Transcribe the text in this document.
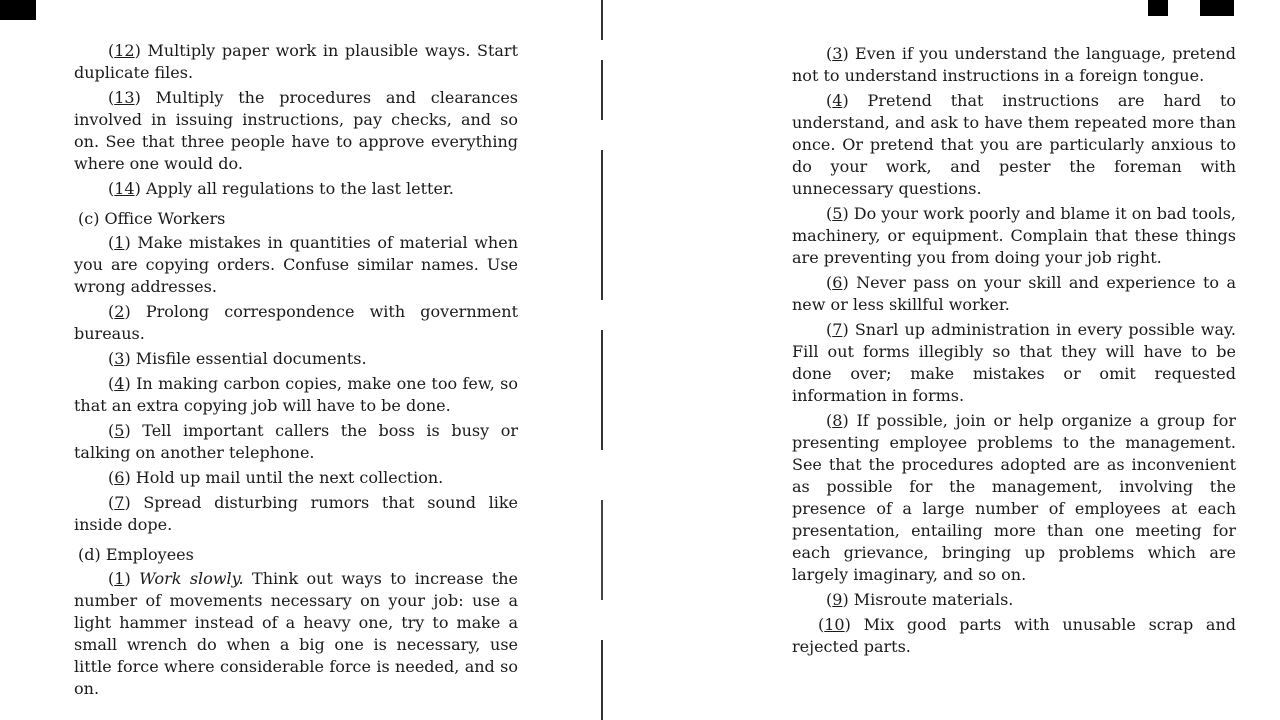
(12) Multiply paper work in plausible ways. Start duplicate files.

(13) Multiply the procedures and clearances involved in issuing instructions, pay checks, and so on. See that three people have to approve everything where one would do.

(14) Apply all regulations to the last letter.

(c) Office Workers

(1) Make mistakes in quantities of material when you are copying orders. Confuse similar names. Use wrong addresses.

(2) Prolong correspondence with government bureaus.

(3) Misfile essential documents.

(4) In making carbon copies, make one too few, so that an extra copying job will have to be done.

(5) Tell important callers the boss is busy or talking on another telephone.

(6) Hold up mail until the next collection.

(7) Spread disturbing rumors that sound like inside dope.

(d) Employees

(1) Work slowly. Think out ways to increase the number of movements necessary on your job: use a light hammer instead of a heavy one, try to make a small wrench do when a big one is necessary, use little force where considerable force is needed, and so on.

(3) Even if you understand the language, pretend not to understand instructions in a foreign tongue.

(4) Pretend that instructions are hard to understand, and ask to have them repeated more than once. Or pretend that you are particularly anxious to do your work, and pester the foreman with unnecessary questions.

(5) Do your work poorly and blame it on bad tools, machinery, or equipment. Complain that these things are preventing you from doing your job right.

(6) Never pass on your skill and experience to a new or less skillful worker.

(7) Snarl up administration in every possible way. Fill out forms illegibly so that they will have to be done over; make mistakes or omit requested information in forms.

(8) If possible, join or help organize a group for presenting employee problems to the management. See that the procedures adopted are as inconvenient as possible for the management, involving the presence of a large number of employees at each presentation, entailing more than one meeting for each grievance, bringing up problems which are largely imaginary, and so on.

(9) Misroute materials.

(10) Mix good parts with unusable scrap and rejected parts.
